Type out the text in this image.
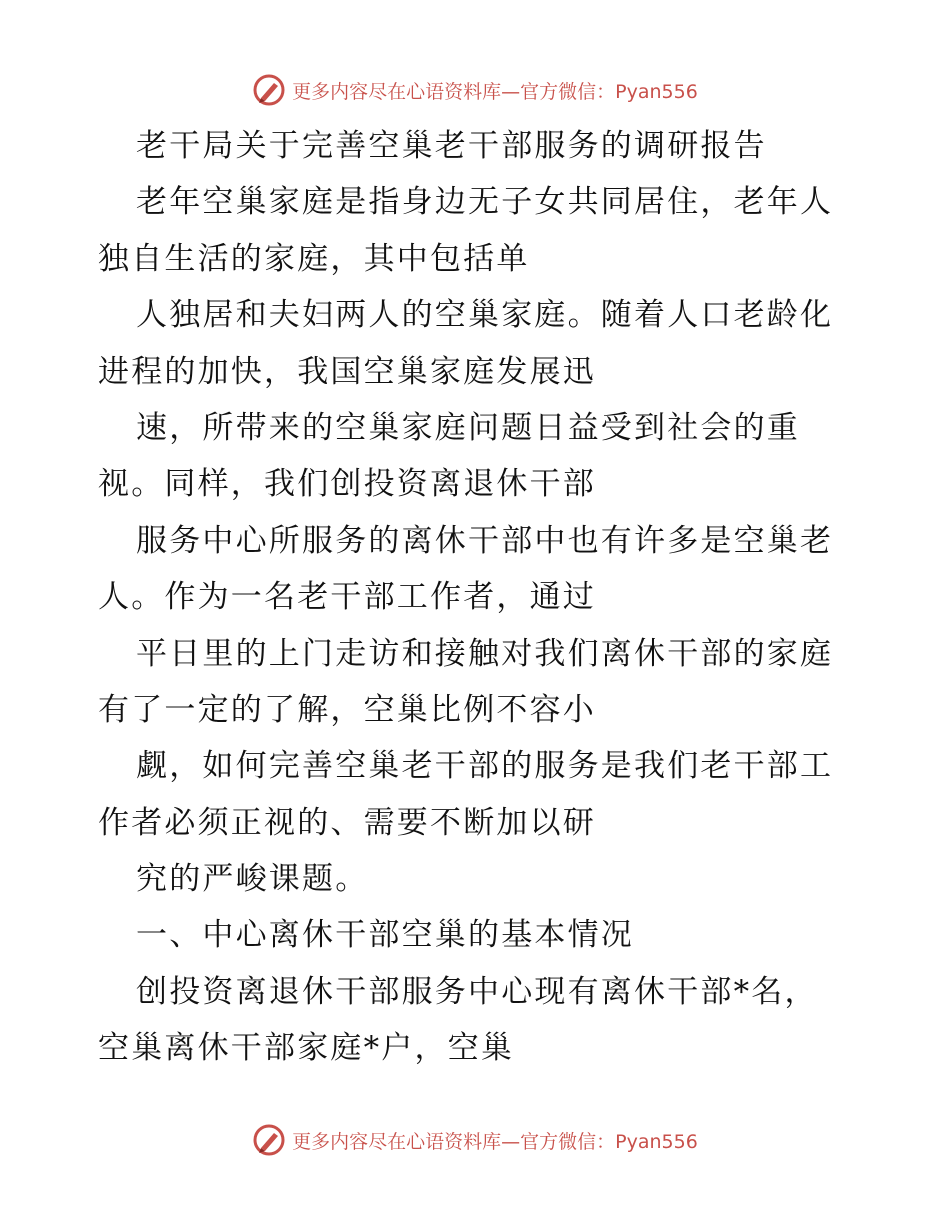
更多内容尽在心语资料库—官方微信：Pyan556
老干局关于完善空巢老干部服务的调研报告
老年空巢家庭是指身边无子女共同居住，老年人
独自生活的家庭，其中包括单
人独居和夫妇两人的空巢家庭。随着人口老龄化
进程的加快，我国空巢家庭发展迅
速，所带来的空巢家庭问题日益受到社会的重
视。同样，我们创投资离退休干部
服务中心所服务的离休干部中也有许多是空巢老
人。作为一名老干部工作者，通过
平日里的上门走访和接触对我们离休干部的家庭
有了一定的了解，空巢比例不容小
觑，如何完善空巢老干部的服务是我们老干部工
作者必须正视的、需要不断加以研
究的严峻课题。
一、中心离休干部空巢的基本情况
创投资离退休干部服务中心现有离休干部*名，
空巢离休干部家庭*户，空巢
更多内容尽在心语资料库—官方微信：Pyan556
